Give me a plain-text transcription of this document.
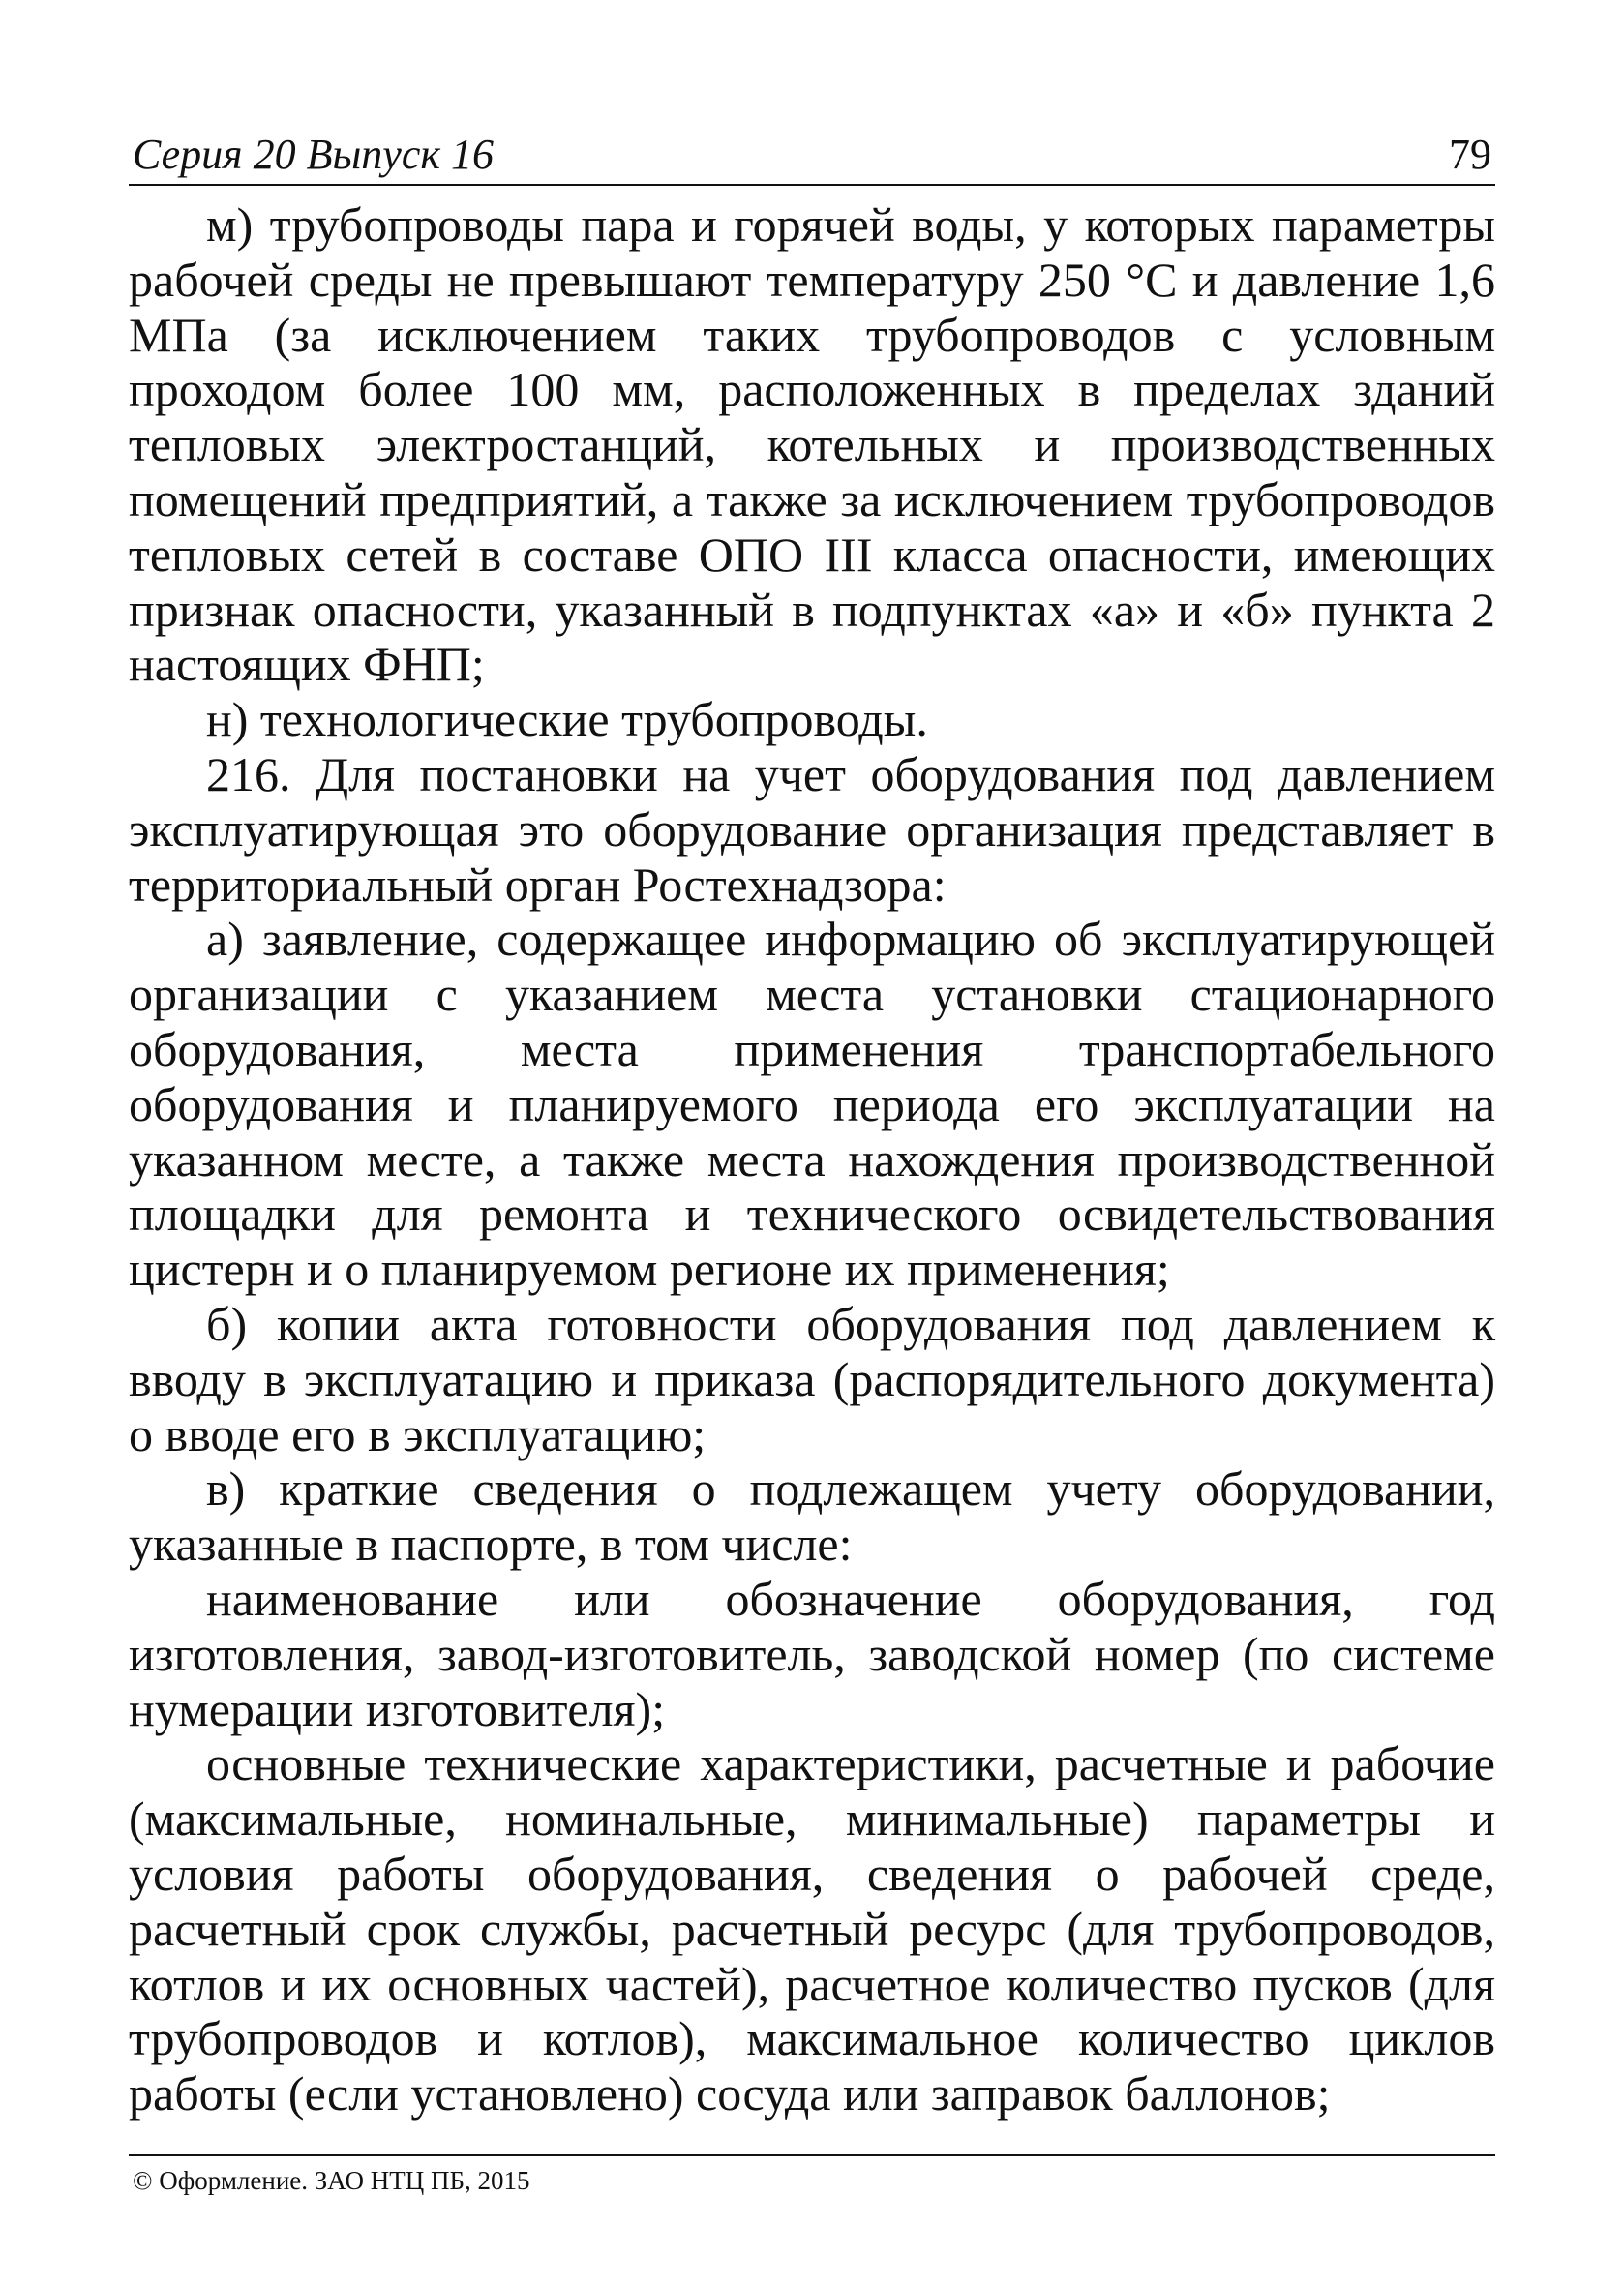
Серия 20 Выпуск 16	79

м) трубопроводы пара и горячей воды, у которых параметры рабочей среды не превышают температуру 250 °С и давление 1,6 МПа (за исключением таких трубопроводов с условным проходом более 100 мм, расположенных в пределах зданий тепловых электростанций, котельных и производственных помещений предприятий, а также за исключением трубопроводов тепловых сетей в составе ОПО III класса опасности, имеющих признак опасности, указанный в подпунктах «а» и «б» пункта 2 настоящих ФНП;

н) технологические трубопроводы.

216. Для постановки на учет оборудования под давлением эксплуатирующая это оборудование организация представляет в территориальный орган Ростехнадзора:

а) заявление, содержащее информацию об эксплуатирующей организации с указанием места установки стационарного оборудования, места применения транспортабельного оборудования и планируемого периода его эксплуатации на указанном месте, а также места нахождения производственной площадки для ремонта и технического освидетельствования цистерн и о планируемом регионе их применения;

б) копии акта готовности оборудования под давлением к вводу в эксплуатацию и приказа (распорядительного документа) о вводе его в эксплуатацию;

в) краткие сведения о подлежащем учету оборудовании, указанные в паспорте, в том числе:

наименование или обозначение оборудования, год изготовления, завод-изготовитель, заводской номер (по системе нумерации изготовителя);

основные технические характеристики, расчетные и рабочие (максимальные, номинальные, минимальные) параметры и условия работы оборудования, сведения о рабочей среде, расчетный срок службы, расчетный ресурс (для трубопроводов, котлов и их основных частей), расчетное количество пусков (для трубопроводов и котлов), максимальное количество циклов работы (если установлено) сосуда или заправок баллонов;

© Оформление. ЗАО НТЦ ПБ, 2015
